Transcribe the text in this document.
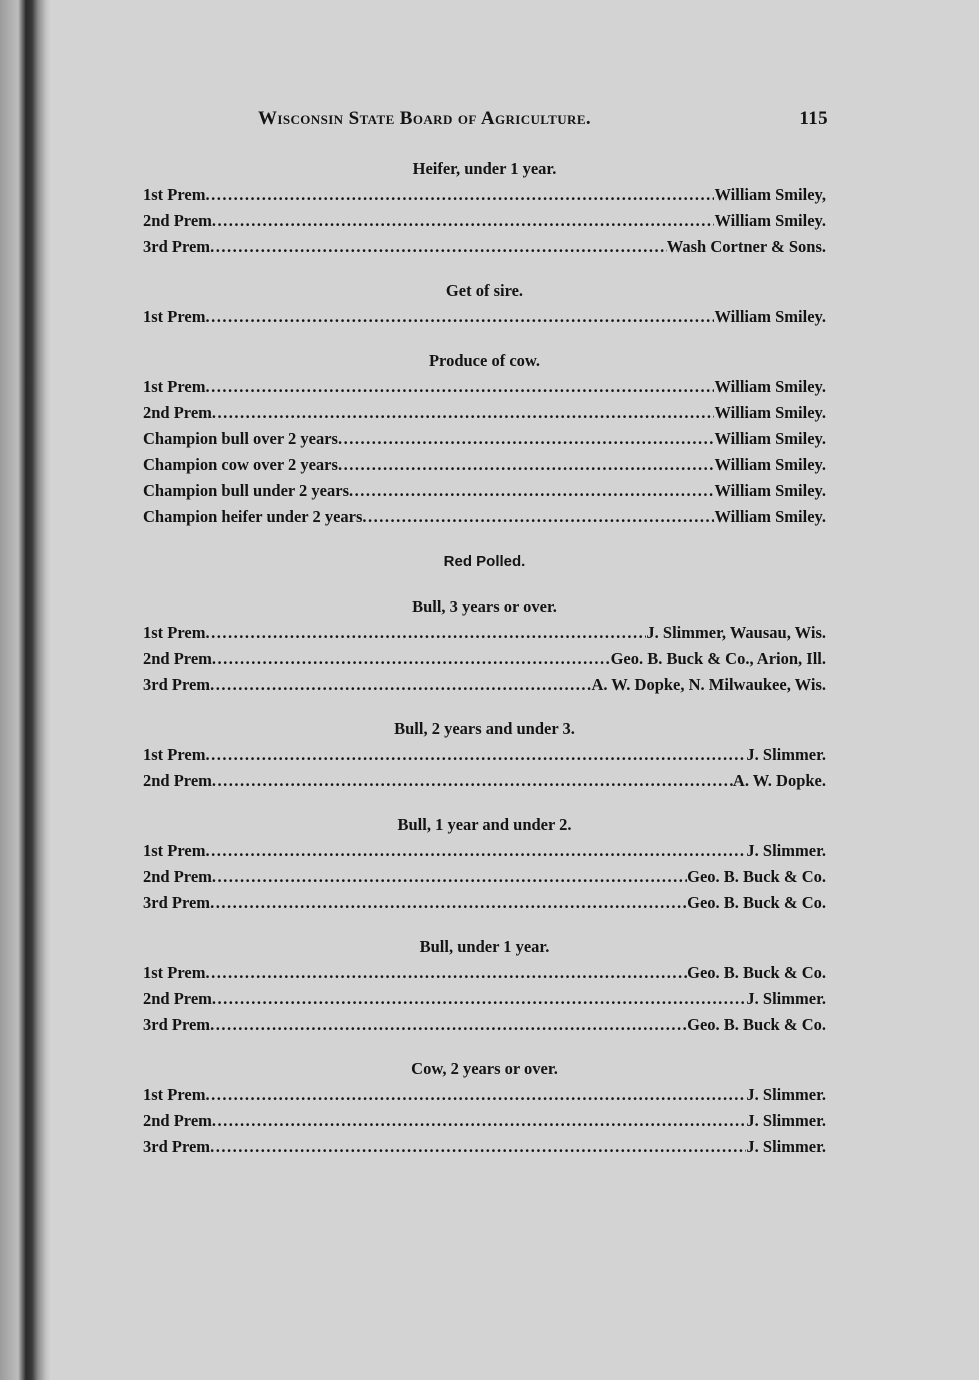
Wisconsin State Board of Agriculture.	115
Heifer, under 1 year.
1st Prem .....	William Smiley,
2nd Prem .....	William Smiley.
3rd Prem .....	Wash Cortner & Sons.
Get of sire.
1st Prem .....	William Smiley.
Produce of cow.
1st Prem .....	William Smiley.
2nd Prem .....	William Smiley.
Champion bull over 2 years .....	William Smiley.
Champion cow over 2 years .....	William Smiley.
Champion bull under 2 years .....	William Smiley.
Champion heifer under 2 years .....	William Smiley.
Red Polled.
Bull, 3 years or over.
1st Prem .....	J. Slimmer, Wausau, Wis.
2nd Prem .....	Geo. B. Buck & Co., Arion, Ill.
3rd Prem .....	A. W. Dopke, N. Milwaukee, Wis.
Bull, 2 years and under 3.
1st Prem .....	J. Slimmer.
2nd Prem .....	A. W. Dopke.
Bull, 1 year and under 2.
1st Prem .....	J. Slimmer.
2nd Prem .....	Geo. B. Buck & Co.
3rd Prem .....	Geo. B. Buck & Co.
Bull, under 1 year.
1st Prem .....	Geo. B. Buck & Co.
2nd Prem .....	J. Slimmer.
3rd Prem .....	Geo. B. Buck & Co.
Cow, 2 years or over.
1st Prem .....	J. Slimmer.
2nd Prem .....	J. Slimmer.
3rd Prem .....	J. Slimmer.
